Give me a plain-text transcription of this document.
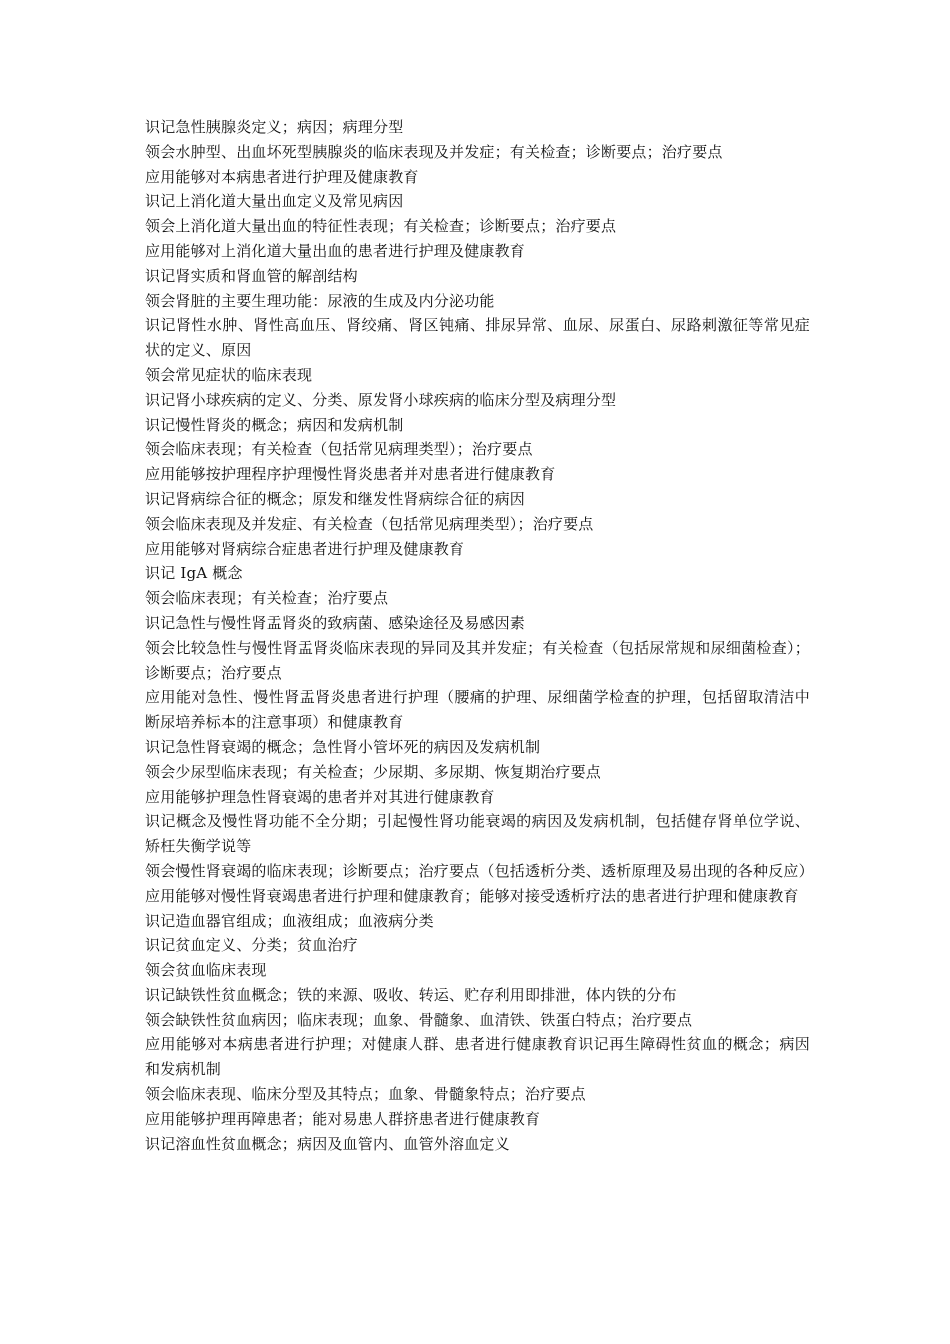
识记急性胰腺炎定义；病因；病理分型

领会水肿型、出血坏死型胰腺炎的临床表现及并发症；有关检查；诊断要点；治疗要点

应用能够对本病患者进行护理及健康教育

识记上消化道大量出血定义及常见病因

领会上消化道大量出血的特征性表现；有关检查；诊断要点；治疗要点

应用能够对上消化道大量出血的患者进行护理及健康教育

识记肾实质和肾血管的解剖结构

领会肾脏的主要生理功能：尿液的生成及内分泌功能

识记肾性水肿、肾性高血压、肾绞痛、肾区钝痛、排尿异常、血尿、尿蛋白、尿路刺激征等常见症状的定义、原因

领会常见症状的临床表现

识记肾小球疾病的定义、分类、原发肾小球疾病的临床分型及病理分型

识记慢性肾炎的概念；病因和发病机制

领会临床表现；有关检查（包括常见病理类型）；治疗要点

应用能够按护理程序护理慢性肾炎患者并对患者进行健康教育

识记肾病综合征的概念；原发和继发性肾病综合征的病因

领会临床表现及并发症、有关检查（包括常见病理类型）；治疗要点

应用能够对肾病综合症患者进行护理及健康教育

识记 IgA 概念

领会临床表现；有关检查；治疗要点

识记急性与慢性肾盂肾炎的致病菌、感染途径及易感因素

领会比较急性与慢性肾盂肾炎临床表现的异同及其并发症；有关检查（包括尿常规和尿细菌检查）；诊断要点；治疗要点

应用能对急性、慢性肾盂肾炎患者进行护理（腰痛的护理、尿细菌学检查的护理，包括留取清洁中断尿培养标本的注意事项）和健康教育

识记急性肾衰竭的概念；急性肾小管坏死的病因及发病机制

领会少尿型临床表现；有关检查；少尿期、多尿期、恢复期治疗要点

应用能够护理急性肾衰竭的患者并对其进行健康教育

识记概念及慢性肾功能不全分期；引起慢性肾功能衰竭的病因及发病机制，包括健存肾单位学说、矫枉失衡学说等

领会慢性肾衰竭的临床表现；诊断要点；治疗要点（包括透析分类、透析原理及易出现的各种反应）

应用能够对慢性肾衰竭患者进行护理和健康教育；能够对接受透析疗法的患者进行护理和健康教育

识记造血器官组成；血液组成；血液病分类

识记贫血定义、分类；贫血治疗

领会贫血临床表现

识记缺铁性贫血概念；铁的来源、吸收、转运、贮存利用即排泄，体内铁的分布

领会缺铁性贫血病因；临床表现；血象、骨髓象、血清铁、铁蛋白特点；治疗要点

应用能够对本病患者进行护理；对健康人群、患者进行健康教育识记再生障碍性贫血的概念；病因和发病机制

领会临床表现、临床分型及其特点；血象、骨髓象特点；治疗要点

应用能够护理再障患者；能对易患人群挤患者进行健康教育

识记溶血性贫血概念；病因及血管内、血管外溶血定义
